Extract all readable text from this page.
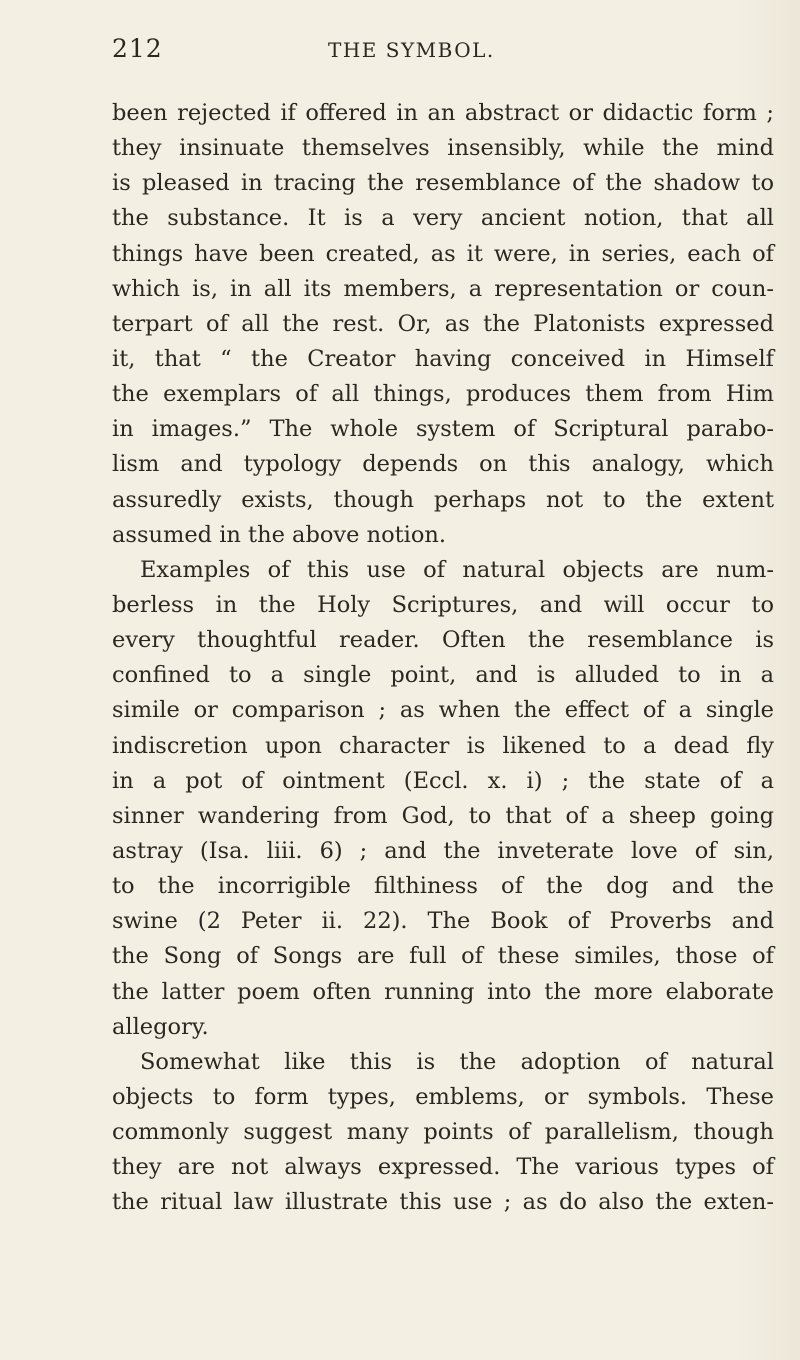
212	THE SYMBOL.
been rejected if offered in an abstract or didactic form ;
they insinuate themselves insensibly, while the mind
is pleased in tracing the resemblance of the shadow to
the substance. It is a very ancient notion, that all
things have been created, as it were, in series, each of
which is, in all its members, a representation or coun-
terpart of all the rest. Or, as the Platonists expressed
it, that “ the Creator having conceived in Himself
the exemplars of all things, produces them from Him
in images.” The whole system of Scriptural parabo-
lism and typology depends on this analogy, which
assuredly exists, though perhaps not to the extent
assumed in the above notion.
Examples of this use of natural objects are num-
berless in the Holy Scriptures, and will occur to
every thoughtful reader. Often the resemblance is
confined to a single point, and is alluded to in a
simile or comparison ; as when the effect of a single
indiscretion upon character is likened to a dead fly
in a pot of ointment (Eccl. x. i) ; the state of a
sinner wandering from God, to that of a sheep going
astray (Isa. liii. 6) ; and the inveterate love of sin,
to the incorrigible filthiness of the dog and the
swine (2 Peter ii. 22). The Book of Proverbs and
the Song of Songs are full of these similes, those of
the latter poem often running into the more elaborate
allegory.
Somewhat like this is the adoption of natural
objects to form types, emblems, or symbols. These
commonly suggest many points of parallelism, though
they are not always expressed. The various types of
the ritual law illustrate this use ; as do also the exten-
